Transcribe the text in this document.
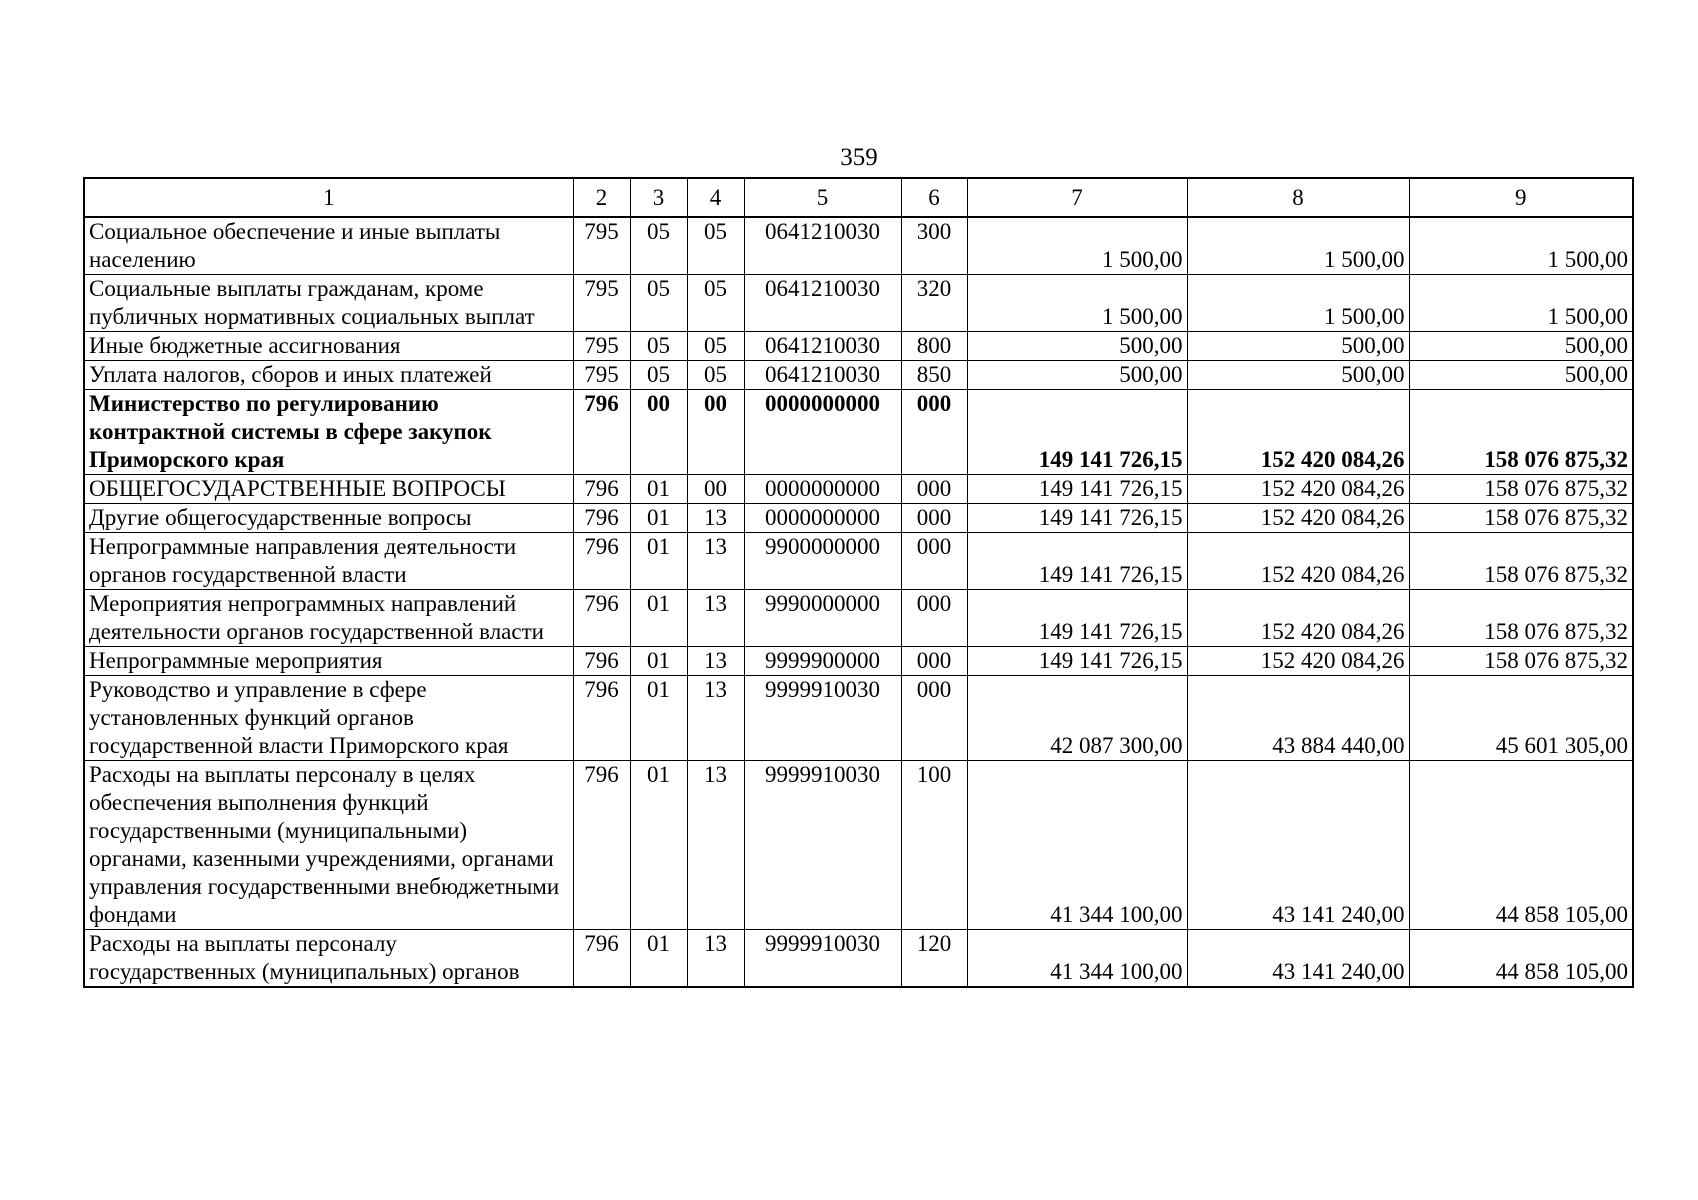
359
1	2	3	4	5	6	7	8	9
Социальное обеспечение и иные выплаты населению	795	05	05	0641210030	300	1 500,00	1 500,00	1 500,00
Социальные выплаты гражданам, кроме публичных нормативных социальных выплат	795	05	05	0641210030	320	1 500,00	1 500,00	1 500,00
Иные бюджетные ассигнования	795	05	05	0641210030	800	500,00	500,00	500,00
Уплата налогов, сборов и иных платежей	795	05	05	0641210030	850	500,00	500,00	500,00
Министерство по регулированию контрактной системы в сфере закупок Приморского края	796	00	00	0000000000	000	149 141 726,15	152 420 084,26	158 076 875,32
ОБЩЕГОСУДАРСТВЕННЫЕ ВОПРОСЫ	796	01	00	0000000000	000	149 141 726,15	152 420 084,26	158 076 875,32
Другие общегосударственные вопросы	796	01	13	0000000000	000	149 141 726,15	152 420 084,26	158 076 875,32
Непрограммные направления деятельности органов государственной власти	796	01	13	9900000000	000	149 141 726,15	152 420 084,26	158 076 875,32
Мероприятия непрограммных направлений деятельности органов государственной власти	796	01	13	9990000000	000	149 141 726,15	152 420 084,26	158 076 875,32
Непрограммные мероприятия	796	01	13	9999900000	000	149 141 726,15	152 420 084,26	158 076 875,32
Руководство и управление в сфере установленных функций органов государственной власти Приморского края	796	01	13	9999910030	000	42 087 300,00	43 884 440,00	45 601 305,00
Расходы на выплаты персоналу в целях обеспечения выполнения функций государственными (муниципальными) органами, казенными учреждениями, органами управления государственными внебюджетными фондами	796	01	13	9999910030	100	41 344 100,00	43 141 240,00	44 858 105,00
Расходы на выплаты персоналу государственных (муниципальных) органов	796	01	13	9999910030	120	41 344 100,00	43 141 240,00	44 858 105,00
